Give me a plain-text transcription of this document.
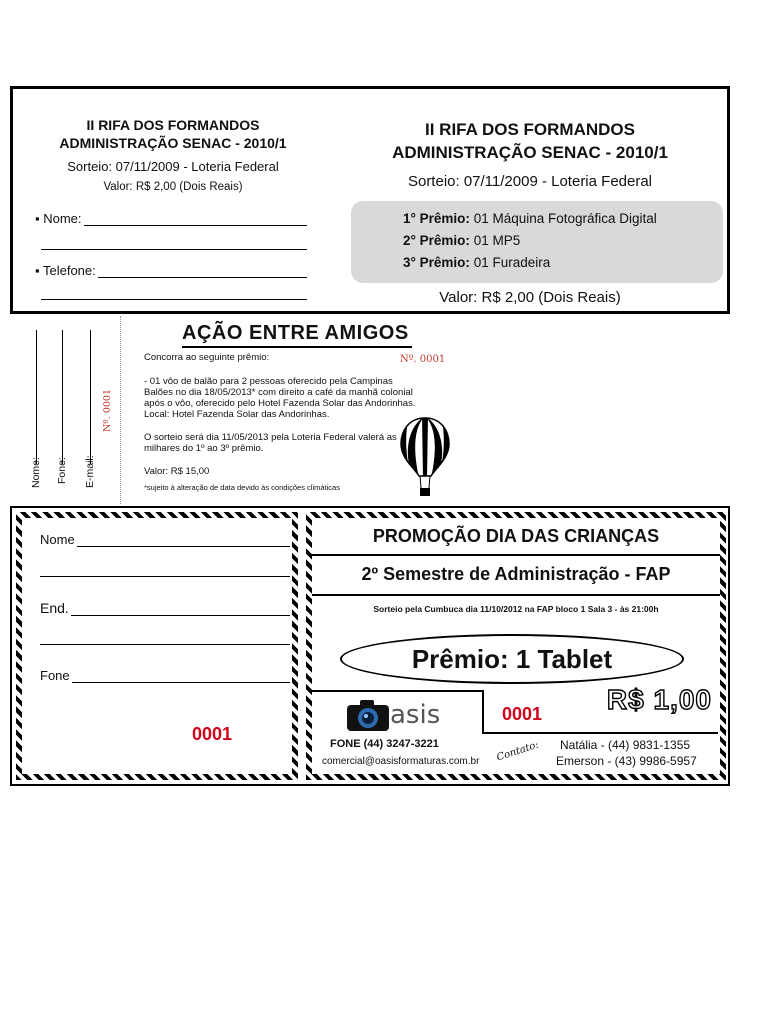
II RIFA DOS FORMANDOS
ADMINISTRAÇÃO SENAC - 2010/1
Sorteio: 07/11/2009 - Loteria Federal
Valor: R$ 2,00 (Dois Reais)
▪ Nome:
▪ Telefone:
II RIFA DOS FORMANDOS
ADMINISTRAÇÃO SENAC - 2010/1
Sorteio: 07/11/2009 - Loteria Federal
1° Prêmio: 01 Máquina Fotográfica Digital
2° Prêmio: 01 MP5
3° Prêmio: 01 Furadeira
Valor: R$ 2,00 (Dois Reais)
Nome: Fone: E-mail:
Nº. 0001
AÇÃO ENTRE AMIGOS
Concorra ao seguinte prêmio:	Nº. 0001
- 01 vôo de balão para 2 pessoas oferecido pela Campinas Balões no dia 18/05/2013* com direito a café da manhã colonial após o vôo, oferecido pelo Hotel Fazenda Solar das Andorinhas. Local: Hotel Fazenda Solar das Andorinhas.
O sorteio será dia 11/05/2013 pela Loteria Federal valerá as milhares do 1º ao 3º prêmio.
Valor: R$ 15,00
*sujeito à alteração de data devido às condições climáticas
Nome
End.
Fone
0001
PROMOÇÃO DIA DAS CRIANÇAS
2º Semestre de Administração - FAP
Sorteio pela Cumbuca dia 11/10/2012 na FAP bloco 1 Sala 3 - às 21:00h
Prêmio: 1 Tablet
asis	0001 R$ 1,00
FONE (44) 3247-3221
comercial@oasisformaturas.com.br Contato: Natália - (44) 9831-1355
Emerson - (43) 9986-5957
